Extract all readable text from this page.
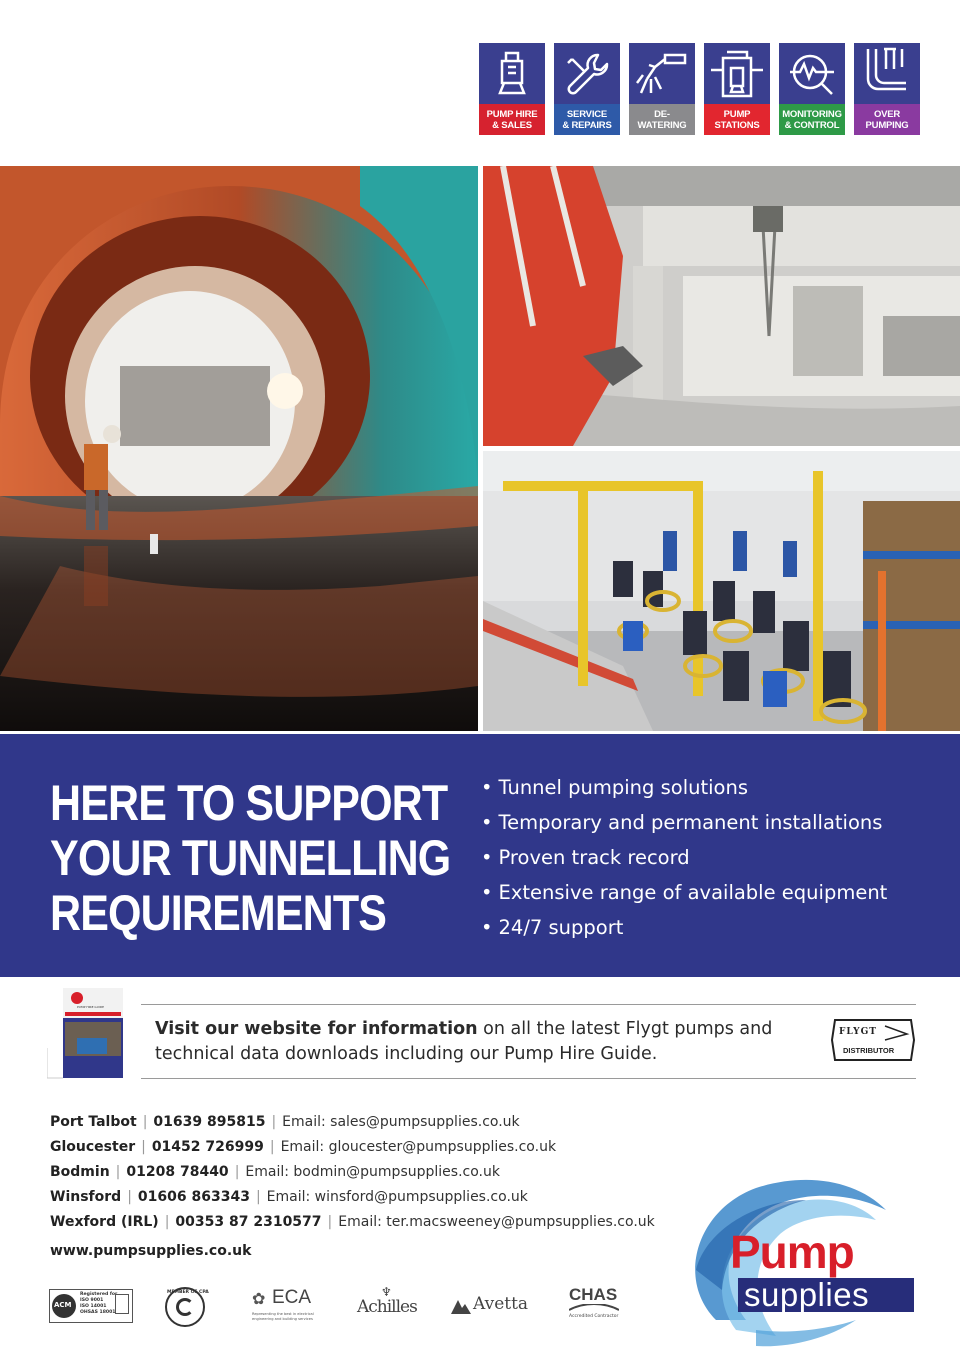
PUMP HIRE
& SALES
SERVICE
& REPAIRS
DE-
WATERING
PUMP
STATIONS
MONITORING
& CONTROL
OVER
PUMPING
HERE TO SUPPORT
YOUR TUNNELLING
REQUIREMENTS
• Tunnel pumping solutions
• Temporary and permanent installations
• Proven track record
• Extensive range of available equipment
• 24/7 support
PUMP HIRE GUIDE
Visit our website for information on all the latest Flygt pumps and technical data downloads including our Pump Hire Guide.
FLYGT
DISTRIBUTOR
Port Talbot | 01639 895815 | Email: sales@pumpsupplies.co.uk
Gloucester | 01452 726999 | Email: gloucester@pumpsupplies.co.uk
Bodmin | 01208 78440 | Email: bodmin@pumpsupplies.co.uk
Winsford | 01606 863343 | Email: winsford@pumpsupplies.co.uk
Wexford (IRL) | 00353 87 2310577 | Email: ter.macsweeney@pumpsupplies.co.uk
www.pumpsupplies.co.uk
ACM
Registered for
ISO 9001
ISO 14001
OHSAS 18001
MEMBER OF CPA	✿ ECA
Representing the best in electrical engineering and building services
Achilles
♆
Avetta CHAS
Accredited Contractor
Pump
supplies
